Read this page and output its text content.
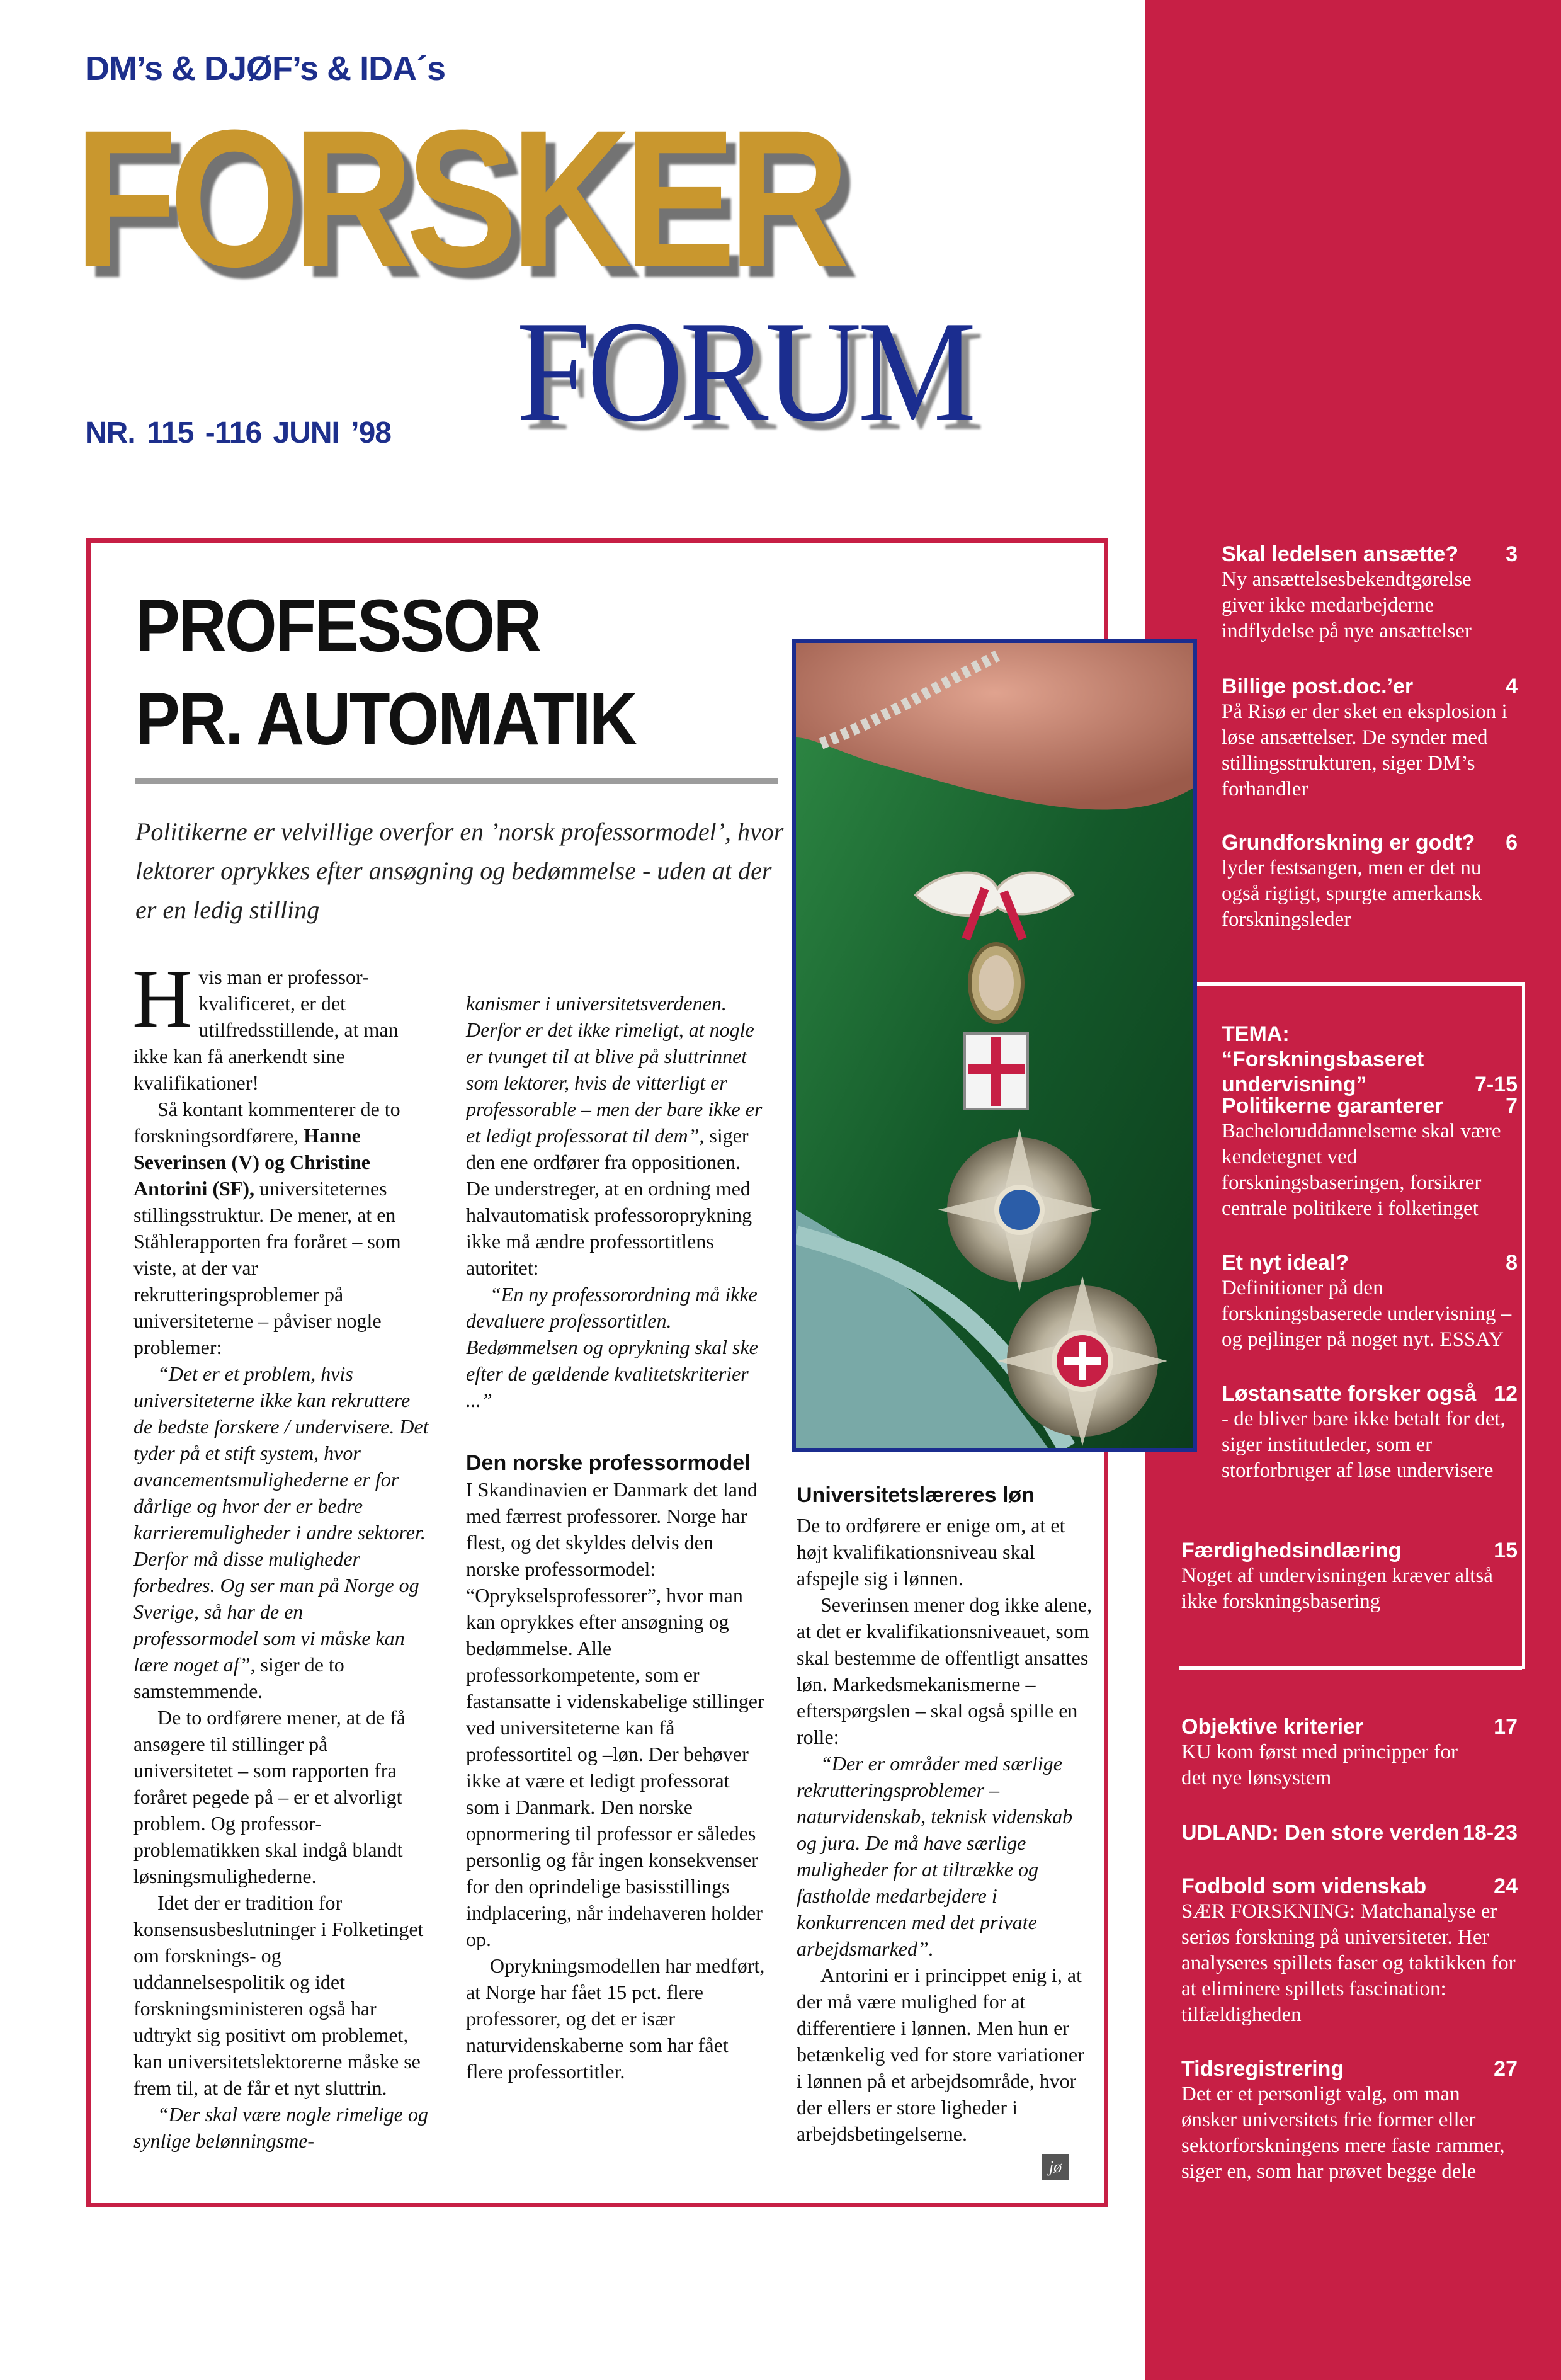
DM’s & DJØF’s & IDA´s
FORSKER
FORUM
NR. 115 -116 JUNI ’98
Skal ledelsen ansætte? 3
Ny ansættelsesbekendtgørelse giver ikke medarbejderne indflydelse på nye ansættelser
Billige post.doc.’er	4
På Risø er der sket en eksplosion i løse ansættelser. De synder med stillingsstrukturen, siger DM’s forhandler
Grundforskning er godt? 6
lyder festsangen, men er det nu også rigtigt, spurgte amerkansk forskningsleder
TEMA: “Forskningsbaseret undervisning”	7-15
Politikerne garanterer	7
Bacheloruddannelserne skal være kendetegnet ved forskningsbaseringen, forsikrer centrale politikere i folketinget
Et nyt ideal?	8
Definitioner på den forskningsbaserede undervisning – og pejlinger på noget nyt. ESSAY
Løstansatte forsker også 12
- de bliver bare ikke betalt for det, siger institutleder, som er storforbruger af løse undervisere
Færdighedsindlæring	15
Noget af undervisningen kræver altså ikke forskningsbasering
Objektive kriterier	17
KU kom først med principper for det nye lønsystem
UDLAND: Den store verden 18-23
Fodbold som videnskab	24
SÆR FORSKNING: Matchanalyse er seriøs forskning på universiteter. Her analyseres spillets faser og taktikken for at eliminere spillets fascination: tilfældigheden
Tidsregistrering	27
Det er et personligt valg, om man ønsker universitets frie former eller sektorforskningens mere faste rammer, siger en, som har prøvet begge dele
PROFESSOR
PR. AUTOMATIK
Politikerne er velvillige overfor en ’norsk professormodel’, hvor lektorer oprykkes efter ansøgning og bedømmelse - uden at der er en ledig stilling

Hvis man er professor-kvalificeret, er det utilfredsstillende, at man ikke kan få anerkendt sine kvalifikationer!

Så kontant kommenterer de to forskningsordførere, Hanne Severinsen (V) og Christine Antorini (SF), universiteternes stillingsstruktur. De mener, at en Ståhlerapporten fra foråret – som viste, at der var rekrutteringsproblemer på universiteterne – påviser nogle problemer:

“Det er et problem, hvis universiteterne ikke kan rekruttere de bedste forskere / undervisere. Det tyder på et stift system, hvor avancementsmulighederne er for dårlige og hvor der er bedre karrieremuligheder i andre sektorer. Derfor må disse muligheder forbedres. Og ser man på Norge og Sverige, så har de en professormodel som vi måske kan lære noget af”, siger de to samstemmende.

De to ordførere mener, at de få ansøgere til stillinger på universitetet – som rapporten fra foråret pegede på – er et alvorligt problem. Og professor-problematikken skal indgå blandt løsningsmulighederne.

Idet der er tradition for konsensusbeslutninger i Folketinget om forsknings- og uddannelsespolitik og idet forskningsministeren også har udtrykt sig positivt om problemet, kan universitetslektorerne måske se frem til, at de får et nyt sluttrin.

“Der skal være nogle rimelige og synlige belønningsme-

kanismer i universitetsverdenen. Derfor er det ikke rimeligt, at nogle er tvunget til at blive på sluttrinnet som lektorer, hvis de vitterligt er professorable – men der bare ikke er et ledigt professorat til dem”, siger den ene ordfører fra oppositionen. De understreger, at en ordning med halvautomatisk professoroprykning ikke må ændre professortitlens autoritet:

“En ny professorordning må ikke devaluere professortitlen. Bedømmelsen og oprykning skal ske efter de gældende kvalitetskriterier ...”

Den norske professormodel

I Skandinavien er Danmark det land med færrest professorer. Norge har flest, og det skyldes delvis den norske professormodel: “Oprykselsprofessorer”, hvor man kan oprykkes efter ansøgning og bedømmelse. Alle professorkompetente, som er fastansatte i videnskabelige stillinger ved universiteterne kan få professortitel og –løn. Der behøver ikke at være et ledigt professorat som i Danmark. Den norske opnormering til professor er således personlig og får ingen konsekvenser for den oprindelige basisstillings indplacering, når indehaveren holder op.

Oprykningsmodellen har medført, at Norge har fået 15 pct. flere professorer, og det er især naturvidenskaberne som har fået flere professortitler.

Universitetslæreres løn

De to ordførere er enige om, at et højt kvalifikationsniveau skal afspejle sig i lønnen.

Severinsen mener dog ikke alene, at det er kvalifikationsniveauet, som skal bestemme de offentligt ansattes løn. Markedsmekanismerne – efterspørgslen – skal også spille en rolle:

“Der er områder med særlige rekrutteringsproblemer – naturvidenskab, teknisk videnskab og jura. De må have særlige muligheder for at tiltrække og fastholde medarbejdere i konkurrencen med det private arbejdsmarked”.

Antorini er i princippet enig i, at der må være mulighed for at differentiere i lønnen. Men hun er betænkelig ved for store variationer i lønnen på et arbejdsområde, hvor der ellers er store ligheder i arbejdsbetingelserne.

jø
